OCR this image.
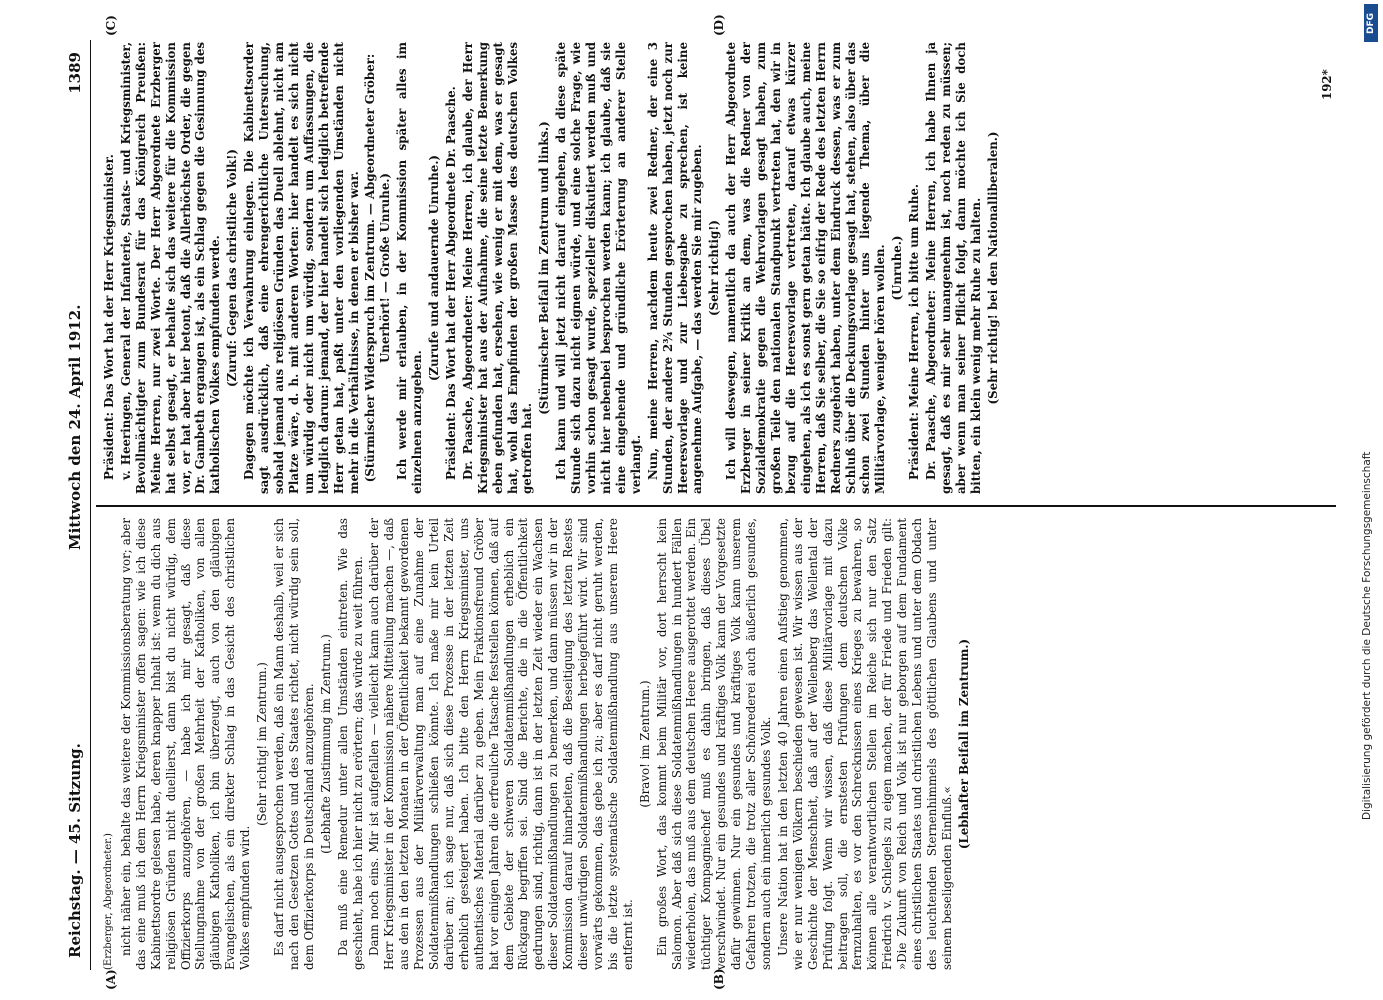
Reichstag. — 45. Sitzung.
Mittwoch den 24. April 1912.
1389
(A)	(B)
(C)	(D)

(Erzberger, Abgeordneter.) nicht näher ein, behalte das weitere der Kommissionsberatung vor; aber das eine muß ich dem Herrn Kriegsminister offen sagen: wie ich diese Kabinettsordre gelesen habe, deren knapper Inhalt ist: wenn du dich aus religiösen Gründen nicht duellierst, dann bist du nicht würdig, dem Offizierkorps anzugehören, — habe ich mir gesagt, daß diese Stellungnahme von der großen Mehrheit der Katholiken, von allen gläubigen Katholiken, ich bin überzeugt, auch von den gläubigen Evangelischen, als ein direkter Schlag in das Gesicht des christlichen Volkes empfunden wird.

(Sehr richtig! im Zentrum.) Es darf nicht ausgesprochen werden, daß ein Mann deshalb, weil er sich nach den Gesetzen Gottes und des Staates richtet, nicht würdig sein soll, dem Offizierkorps in Deutschland anzugehören. (Lebhafte Zustimmung im Zentrum.) Da muß eine Remedur unter allen Umständen eintreten. Wie das geschieht, habe ich hier nicht zu erörtern; das würde zu weit führen. Dann noch eins. Mir ist aufgefallen — vielleicht kann auch darüber der Herr Kriegsminister in der Kommission nähere Mitteilung machen —, daß aus den in den letzten Monaten in der Öffentlichkeit bekannt gewordenen Prozessen aus der Militärverwaltung man auf eine Zunahme der Soldatenmißhandlungen schließen könnte. Ich maße mir kein Urteil darüber an; ich sage nur, daß sich diese Prozesse in der letzten Zeit erheblich gesteigert haben. Ich bitte den Herrn Kriegsminister, uns authentisches Material darüber zu geben. Mein Fraktionsfreund Gröber hat vor einigen Jahren die erfreuliche Tatsache feststellen können, daß auf dem Gebiete der schweren Soldatenmißhandlungen erheblich ein Rückgang begriffen sei. Sind die Berichte, die in die Öffentlichkeit gedrungen sind, richtig, dann ist in der letzten Zeit wieder ein Wachsen dieser Soldatenmißhandlungen zu bemerken, und dann müssen wir in der Kommission darauf hinarbeiten, daß die Beseitigung des letzten Restes dieser unwürdigen Soldatenmißhandlungen herbeigeführt wird. Wir sind vorwärts gekommen, das gebe ich zu; aber es darf nicht geruht werden, bis die letzte systematische Soldatenmißhandlung aus unserem Heere entfernt ist.

(Bravo! im Zentrum.) Ein großes Wort, das kommt beim Militär vor, dort herrscht kein Salomon. Aber daß sich diese Soldatenmißhandlungen in hundert Fällen wiederholen, das muß aus dem deutschen Heere ausgerottet werden. Ein tüchtiger Kompagniechef muß es dahin bringen, daß dieses Übel verschwindet. Nur ein gesundes und kräftiges Volk kann der Vorgesetzte dafür gewinnen. Nur ein gesundes und kräftiges Volk kann unserem Gefahren trotzen, die trotz aller Schönrederei auch äußerlich gesundes, sondern auch ein innerlich gesundes Volk. Unsere Nation hat in den letzten 40 Jahren einen Aufstieg genommen, wie er nur wenigen Völkern beschieden gewesen ist. Wir wissen aus der Geschichte der Menschheit, daß auf der Wellenberg das Wellental der Prüfung folgt. Wenn wir wissen, daß diese Militärvorlage mit dazu beitragen soll, die ernstesten Prüfungen dem deutschen Volke fernzuhalten, es vor den Schrecknissen eines Krieges zu bewahren, so können alle verantwortlichen Stellen im Reiche sich nur den Satz Friedrich v. Schlegels zu eigen machen, der für Friede und Frieden gilt: »Die Zukunft von Reich und Volk ist nur geborgen auf dem Fundament eines christlichen Staates und christlichen Lebens und unter dem Obdach des leuchtenden Sternenhimmels des göttlichen Glaubens und unter seinem beseligenden Einfluß.«

(Lebhafter Beifall im Zentrum.)

Präsident: Das Wort hat der Herr Kriegsminister. v. Heeringen, General der Infanterie, Staats- und Kriegsminister, Bevollmächtigter zum Bundesrat für das Königreich Preußen: Meine Herren, nur zwei Worte. Der Herr Abgeordnete Erzberger hat selbst gesagt, er behalte sich das weitere für die Kommission vor, er hat aber hier betont, daß die Allerhöchste Order, die gegen Dr. Gambeth ergangen ist, als ein Schlag gegen die Gesinnung des katholischen Volkes empfunden werde. (Zuruf: Gegen das christliche Volk!) Dagegen möchte ich Verwahrung einlegen. Die Kabinettsorder sagt ausdrücklich, daß eine ehrengerichtliche Untersuchung, sobald jemand aus religiösen Gründen das Duell ablehnt, nicht am Platze wäre, d. h. mit anderen Worten: hier handelt es sich nicht um würdig oder nicht um würdig, sondern um Auffassungen, die lediglich darum: jemand, der hier handelt sich lediglich betreffende Herr getan hat, paßt unter den vorliegenden Umständen nicht mehr in die Verhältnisse, in denen er bisher war. (Stürmischer Widerspruch im Zentrum. — Abgeordneter Gröber: Unerhört! — Große Unruhe.) Ich werde mir erlauben, in der Kommission später alles im einzelnen anzugeben.

(Zurufe und andauernde Unruhe.) Präsident: Das Wort hat der Herr Abgeordnete Dr. Paasche. Dr. Paasche, Abgeordneter: Meine Herren, ich glaube, der Herr Kriegsminister hat aus der Aufnahme, die seine letzte Bemerkung eben gefunden hat, ersehen, wie wenig er mit dem, was er gesagt hat, wohl das Empfinden der großen Masse des deutschen Volkes getroffen hat.

(Stürmischer Beifall im Zentrum und links.) Ich kann und will jetzt nicht darauf eingehen, da diese späte Stunde sich dazu nicht eignen würde, und eine solche Frage, wie vorhin schon gesagt wurde, spezieller diskutiert werden muß und nicht hier nebenbei besprochen werden kann; ich glaube, daß sie eine eingehende und gründliche Erörterung an anderer Stelle verlangt. Nun, meine Herren, nachdem heute zwei Redner, der eine 3 Stunden, der andere 2¾ Stunden gesprochen haben, jetzt noch zur Heeresvorlage und zur Liebesgabe zu sprechen, ist keine angenehme Aufgabe, — das werden Sie mir zugeben. (Sehr richtig!) Ich will deswegen, namentlich da auch der Herr Abgeordnete Erzberger in seiner Kritik an dem, was die Redner von der Sozialdemokratie gegen die Wehrvorlagen gesagt haben, zum großen Teile den nationalen Standpunkt vertreten hat, den wir in bezug auf die Heeresvorlage vertreten, darauf etwas kürzer eingehen, als ich es sonst gern getan hätte. Ich glaube auch, meine Herren, daß Sie selber, die Sie so eifrig der Rede des letzten Herrn Redners zugehört haben, unter dem Eindruck dessen, was er zum Schluß über die Deckungsvorlage gesagt hat, stehen, also über das schon zwei Stunden hinter uns liegende Thema, über die Militärvorlage, weniger hören wollen. (Unruhe.) Präsident: Meine Herren, ich bitte um Ruhe. Dr. Paasche, Abgeordneter: Meine Herren, ich habe Ihnen ja gesagt, daß es mir sehr unangenehm ist, noch reden zu müssen; aber wenn man seiner Pflicht folgt, dann möchte ich Sie doch bitten, ein klein wenig mehr Ruhe zu halten. (Sehr richtig! bei den Nationalliberalen.)

192*
Digitalisierung gefördert durch die Deutsche Forschungsgemeinschaft
DFG
